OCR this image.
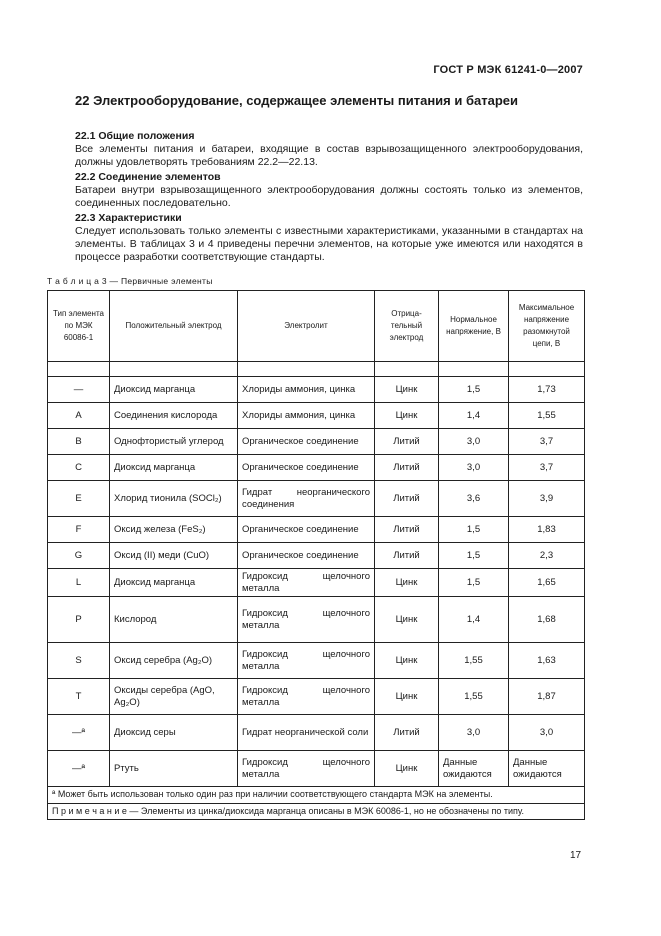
ГОСТ Р МЭК 61241-0—2007
22 Электрооборудование, содержащее элементы питания и батареи
22.1 Общие положения

Все элементы питания и батареи, входящие в состав взрывозащищенного электрооборудования, должны удовлетворять требованиям 22.2—22.13.

22.2 Соединение элементов

Батареи внутри взрывозащищенного электрооборудования должны состоять только из элементов, соединенных последовательно.

22.3 Характеристики

Следует использовать только элементы с известными характеристиками, указанными в стандартах на элементы. В таблицах 3 и 4 приведены перечни элементов, на которые уже имеются или находятся в процессе разработки соответствующие стандарты.

Т а б л и ц а 3 — Первичные элементы
Тип элемента по МЭК 60086-1	Положительный электрод	Электролит	Отрица-тельный электрод	Нормальное напряжение, В	Максимальное напряжение разомкнутой цепи, В

—	Диоксид марганца	Хлориды аммония, цинка	Цинк	1,5	1,73
A	Соединения кислорода	Хлориды аммония, цинка	Цинк	1,4	1,55
B	Однофтористый углерод	Органическое соединение	Литий	3,0	3,7
C	Диоксид марганца	Органическое соединение	Литий	3,0	3,7
E	Хлорид тионила (SOCl₂)	Гидрат неорганического соединения	Литий	3,6	3,9
F	Оксид железа (FeS₂)	Органическое соединение	Литий	1,5	1,83
G	Оксид (II) меди (CuO)	Органическое соединение	Литий	1,5	2,3
L	Диоксид марганца	Гидроксид щелочного металла	Цинк	1,5	1,65
P	Кислород	Гидроксид щелочного металла	Цинк	1,4	1,68
S	Оксид серебра (Ag₂O)	Гидроксид щелочного металла	Цинк	1,55	1,63
T	Оксиды серебра (AgO, Ag₂O)	Гидроксид щелочного металла	Цинк	1,55	1,87
—ª	Диоксид серы	Гидрат неорганической соли	Литий	3,0	3,0
—ª	Ртуть	Гидроксид щелочного металла	Цинк	Данные ожидаются	Данные ожидаются
ª Может быть использован только один раз при наличии соответствующего стандарта МЭК на элементы.					
П р и м е ч а н и е — Элементы из цинка/диоксида марганца описаны в МЭК 60086-1, но не обозначены по типу.					
17
